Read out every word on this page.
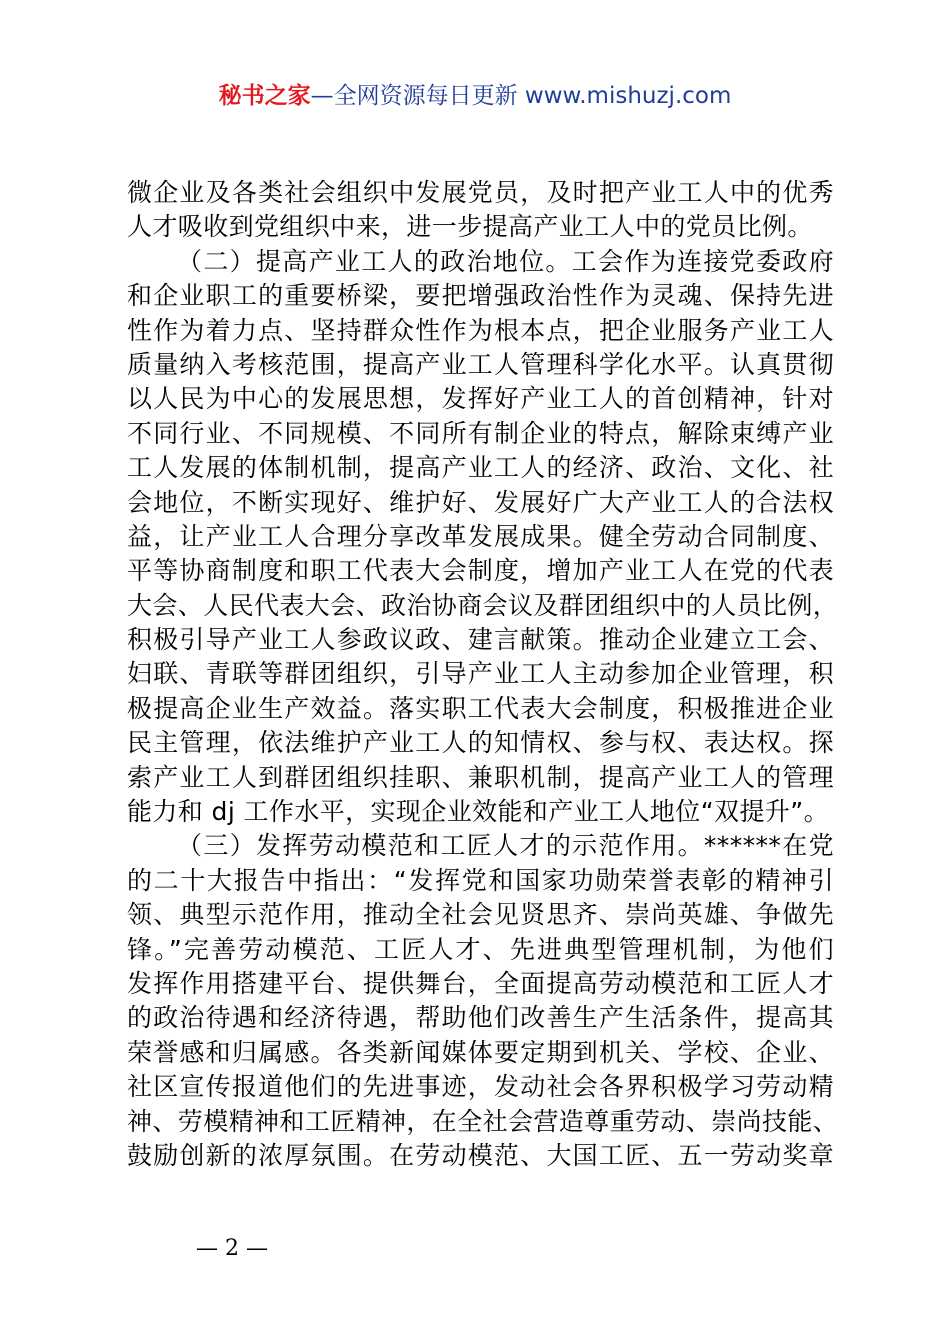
秘书之家—全网资源每日更新 www.mishuzj.com
微企业及各类社会组织中发展党员，及时把产业工人中的优秀
人才吸收到党组织中来，进一步提高产业工人中的党员比例。
（二）提高产业工人的政治地位。工会作为连接党委政府
和企业职工的重要桥梁，要把增强政治性作为灵魂、保持先进
性作为着力点、坚持群众性作为根本点，把企业服务产业工人
质量纳入考核范围，提高产业工人管理科学化水平。认真贯彻
以人民为中心的发展思想，发挥好产业工人的首创精神，针对
不同行业、不同规模、不同所有制企业的特点，解除束缚产业
工人发展的体制机制，提高产业工人的经济、政治、文化、社
会地位，不断实现好、维护好、发展好广大产业工人的合法权
益，让产业工人合理分享改革发展成果。健全劳动合同制度、
平等协商制度和职工代表大会制度，增加产业工人在党的代表
大会、人民代表大会、政治协商会议及群团组织中的人员比例，
积极引导产业工人参政议政、建言献策。推动企业建立工会、
妇联、青联等群团组织，引导产业工人主动参加企业管理，积
极提高企业生产效益。落实职工代表大会制度，积极推进企业
民主管理，依法维护产业工人的知情权、参与权、表达权。探
索产业工人到群团组织挂职、兼职机制，提高产业工人的管理
能力和 dj 工作水平，实现企业效能和产业工人地位“双提升”。
（三）发挥劳动模范和工匠人才的示范作用。******在党
的二十大报告中指出：“发挥党和国家功勋荣誉表彰的精神引
领、典型示范作用，推动全社会见贤思齐、崇尚英雄、争做先
锋。”完善劳动模范、工匠人才、先进典型管理机制，为他们
发挥作用搭建平台、提供舞台，全面提高劳动模范和工匠人才
的政治待遇和经济待遇，帮助他们改善生产生活条件，提高其
荣誉感和归属感。各类新闻媒体要定期到机关、学校、企业、
社区宣传报道他们的先进事迹，发动社会各界积极学习劳动精
神、劳模精神和工匠精神，在全社会营造尊重劳动、崇尚技能、
鼓励创新的浓厚氛围。在劳动模范、大国工匠、五一劳动奖章
— 2 —
